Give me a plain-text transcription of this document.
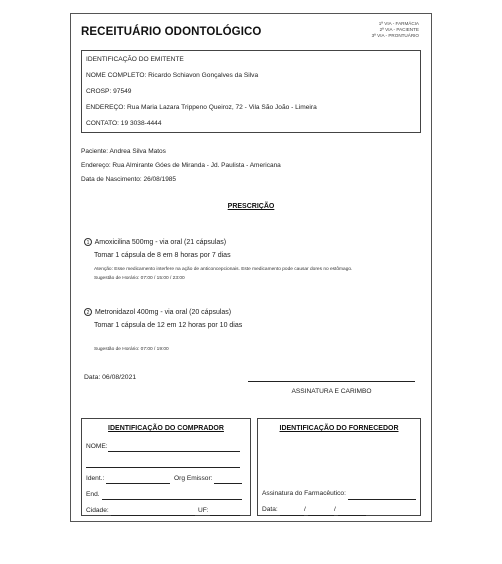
RECEITUÁRIO ODONTOLÓGICO
1ª VIA - FARMÁCIA
2ª VIA - PACIENTE
3ª VIA - PRONTUÁRIO
IDENTIFICAÇÃO DO EMITENTE
NOME COMPLETO: Ricardo Schiavon Gonçalves da Silva
CROSP: 97549
ENDEREÇO: Rua Maria Lazara Trippeno Queiroz, 72 - Vila São João - Limeira
CONTATO: 19 3038-4444
Paciente: Andrea Silva Matos
Endereço: Rua Almirante Góes de Miranda - Jd. Paulista - Americana
Data de Nascimento: 26/08/1985
PRESCRIÇÃO
1 Amoxicilina 500mg - via oral (21 cápsulas)
Tomar 1 cápsula de 8 em 8 horas por 7 dias
Atenção: Esse medicamento interfere na ação de anticoncepcionais. Este medicamento pode causar dores no estômago.
Sugestão de Horário: 07:00 / 15:00 / 23:00
2 Metronidazol 400mg - via oral (20 cápsulas)
Tomar 1 cápsula de 12 em 12 horas por 10 dias
Sugestão de Horário: 07:00 / 19:00
Data: 06/08/2021
ASSINATURA E CARIMBO
IDENTIFICAÇÃO DO COMPRADOR
NOME:
Ident.:	Org Emissor:
End.
Cidade:	UF:
IDENTIFICAÇÃO DO FORNECEDOR
Assinatura do Farmacêutico:
Data:	/	/
